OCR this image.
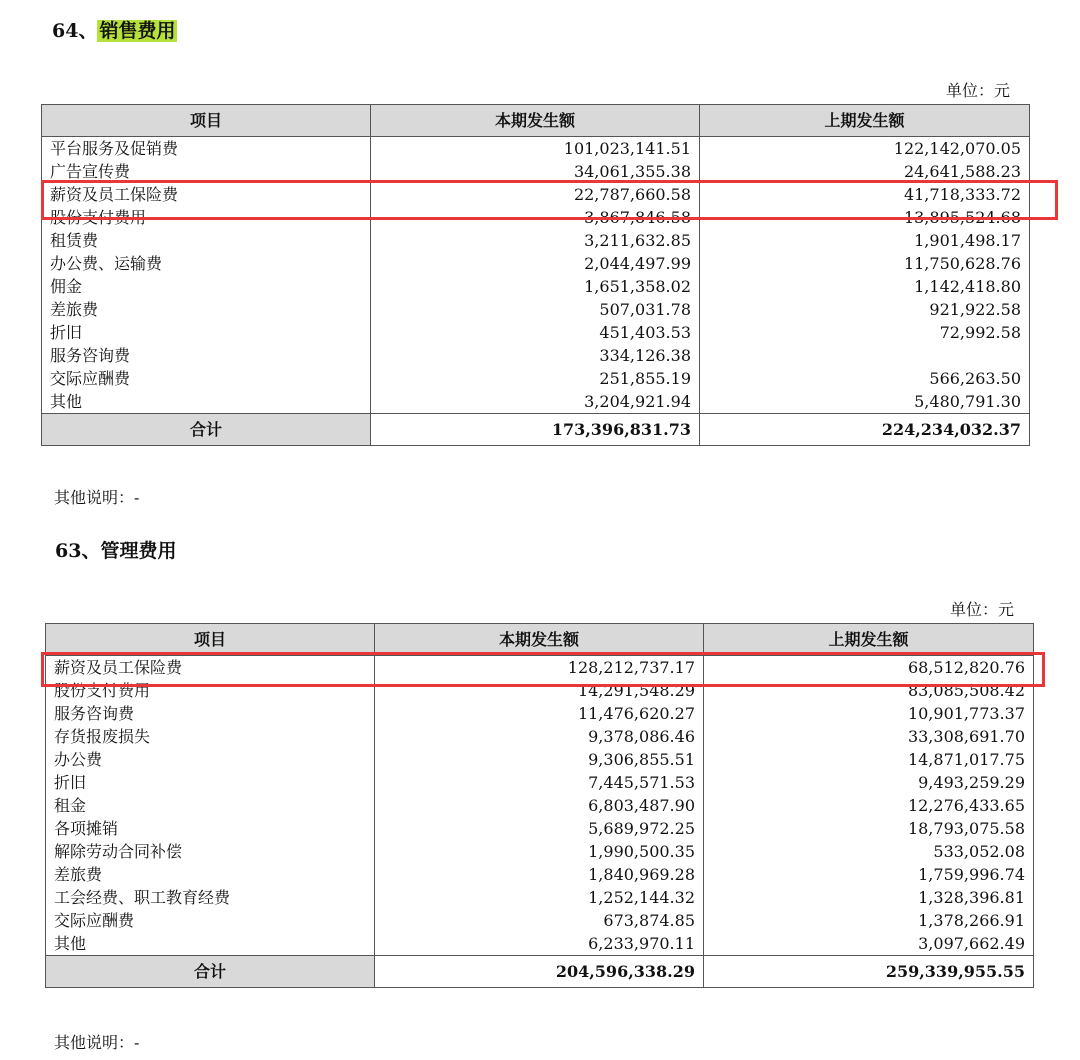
64、 销售费用
单位：元
项目	本期发生额	上期发生额
平台服务及促销费	101,023,141.51	122,142,070.05
广告宣传费	34,061,355.38	24,641,588.23
薪资及员工保险费	22,787,660.58	41,718,333.72
股份支付费用	3,867,846.58	13,895,524.68
租赁费	3,211,632.85	1,901,498.17
办公费、运输费	2,044,497.99	11,750,628.76
佣金	1,651,358.02	1,142,418.80
差旅费	507,031.78	921,922.58
折旧	451,403.53	72,992.58
服务咨询费	334,126.38	
交际应酬费	251,855.19	566,263.50
其他	3,204,921.94	5,480,791.30
合计	173,396,831.73	224,234,032.37
其他说明：-
63、管理费用
单位：元
项目	本期发生额	上期发生额
薪资及员工保险费	128,212,737.17	68,512,820.76
股份支付费用	14,291,548.29	83,085,508.42
服务咨询费	11,476,620.27	10,901,773.37
存货报废损失	9,378,086.46	33,308,691.70
办公费	9,306,855.51	14,871,017.75
折旧	7,445,571.53	9,493,259.29
租金	6,803,487.90	12,276,433.65
各项摊销	5,689,972.25	18,793,075.58
解除劳动合同补偿	1,990,500.35	533,052.08
差旅费	1,840,969.28	1,759,996.74
工会经费、职工教育经费	1,252,144.32	1,328,396.81
交际应酬费	673,874.85	1,378,266.91
其他	6,233,970.11	3,097,662.49
合计	204,596,338.29	259,339,955.55
其他说明：-
